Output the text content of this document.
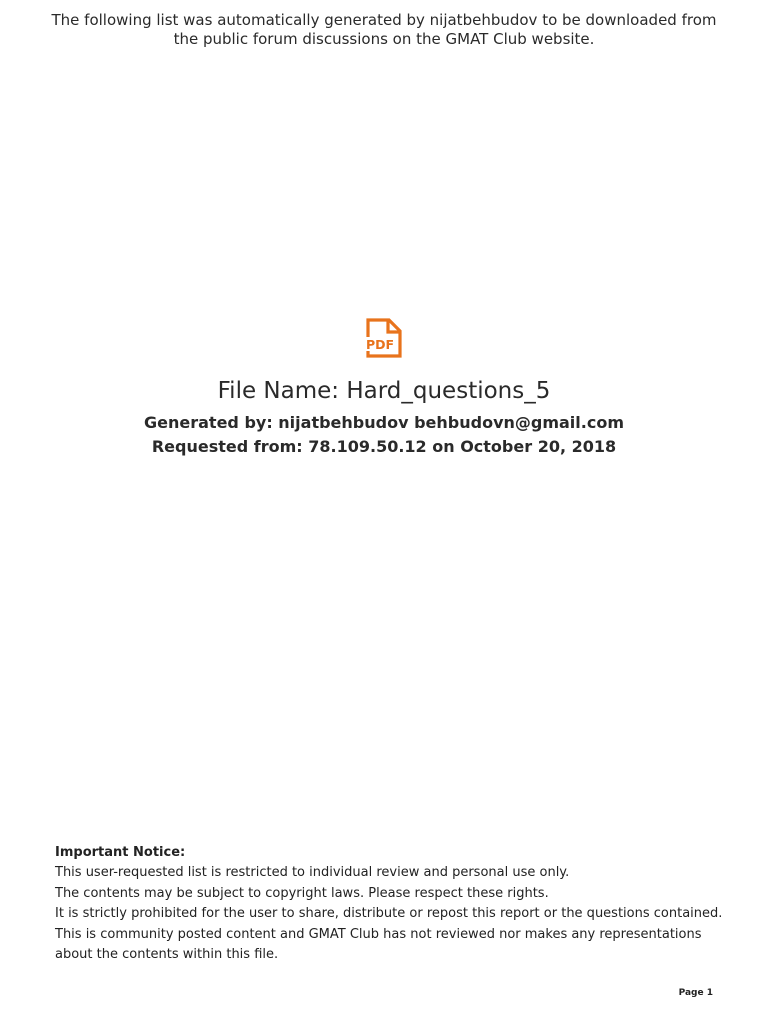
The following list was automatically generated by nijatbehbudov to be downloaded from the public forum discussions on the GMAT Club website.
PDF
File Name: Hard_questions_5
Generated by: nijatbehbudov behbudovn@gmail.com
Requested from: 78.109.50.12 on October 20, 2018
Important Notice:
This user-requested list is restricted to individual review and personal use only.
The contents may be subject to copyright laws. Please respect these rights.
It is strictly prohibited for the user to share, distribute or repost this report or the questions contained.
This is community posted content and GMAT Club has not reviewed nor makes any representations about the contents within this file.
Page 1
